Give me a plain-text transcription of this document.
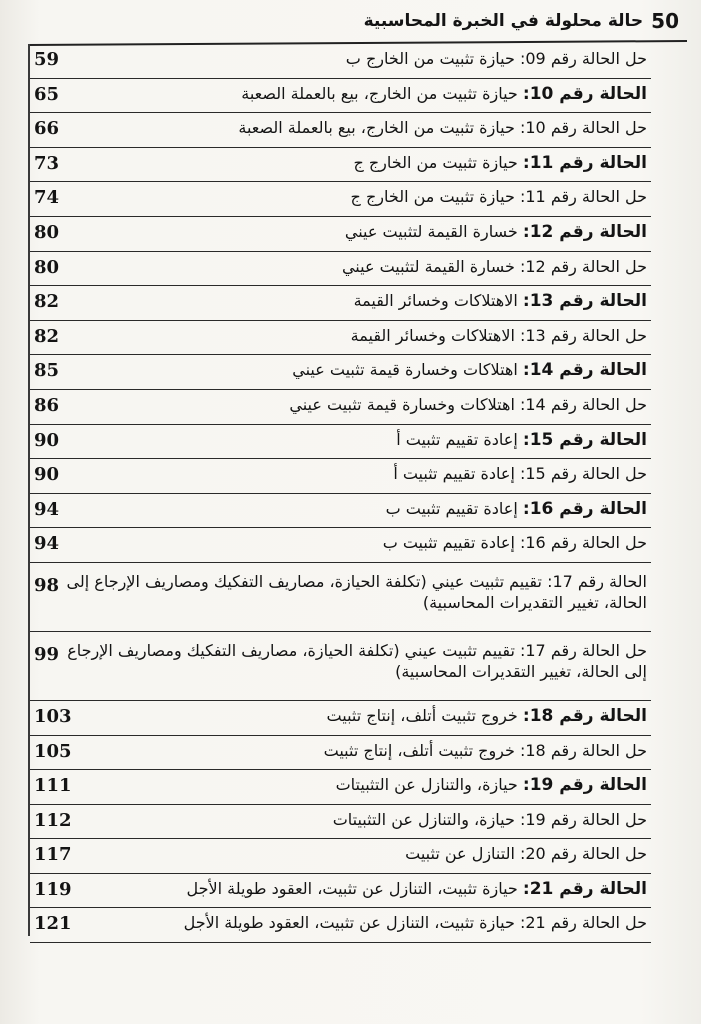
50
حالة محلولة في الخبرة المحاسبية
حل الحالة رقم 09: حيازة تثبيت من الخارج ب
59
الحالة رقم 10: حيازة تثبيت من الخارج، بيع بالعملة الصعبة
65
حل الحالة رقم 10: حيازة تثبيت من الخارج، بيع بالعملة الصعبة
66
الحالة رقم 11: حيازة تثبيت من الخارج ج
73
حل الحالة رقم 11: حيازة تثبيت من الخارج ج
74
الحالة رقم 12: خسارة القيمة لتثبيت عيني
80
حل الحالة رقم 12: خسارة القيمة لتثبيت عيني
80
الحالة رقم 13: الاهتلاكات وخسائر القيمة
82
حل الحالة رقم 13: الاهتلاكات وخسائر القيمة
82
الحالة رقم 14: اهتلاكات وخسارة قيمة تثبيت عيني
85
حل الحالة رقم 14: اهتلاكات وخسارة قيمة تثبيت عيني
86
الحالة رقم 15: إعادة تقييم تثبيت أ
90
حل الحالة رقم 15: إعادة تقييم تثبيت أ
90
الحالة رقم 16: إعادة تقييم تثبيت ب
94
حل الحالة رقم 16: إعادة تقييم تثبيت ب
94
الحالة رقم 17: تقييم تثبيت عيني (تكلفة الحيازة، مصاريف التفكيك ومصاريف الإرجاع إلى الحالة، تغيير التقديرات المحاسبية)
98
حل الحالة رقم 17: تقييم تثبيت عيني (تكلفة الحيازة، مصاريف التفكيك ومصاريف الإرجاع إلى الحالة، تغيير التقديرات المحاسبية)
99
الحالة رقم 18: خروج تثبيت أتلف، إنتاج تثبيت
103
حل الحالة رقم 18: خروج تثبيت أتلف، إنتاج تثبيت
105
الحالة رقم 19: حيازة، والتنازل عن التثبيتات
111
حل الحالة رقم 19: حيازة، والتنازل عن التثبيتات
112
حل الحالة رقم 20: التنازل عن تثبيت
117
الحالة رقم 21: حيازة تثبيت، التنازل عن تثبيت، العقود طويلة الأجل
119
حل الحالة رقم 21: حيازة تثبيت، التنازل عن تثبيت، العقود طويلة الأجل
121
